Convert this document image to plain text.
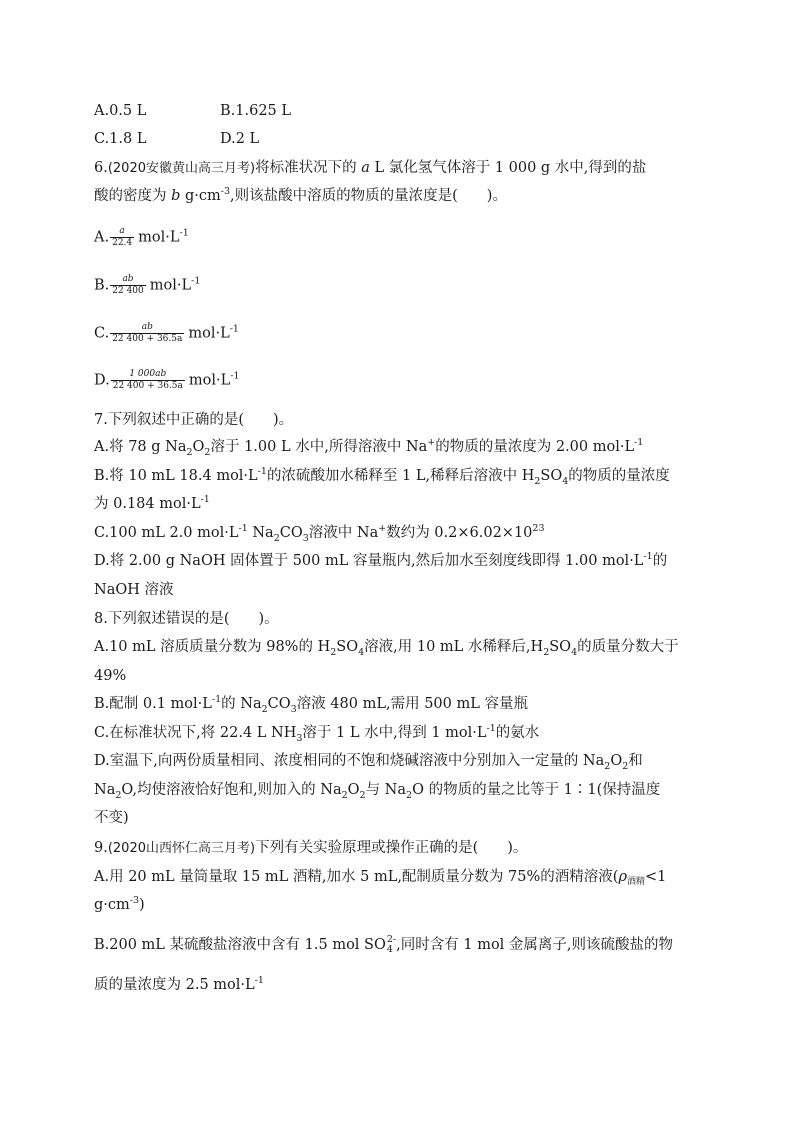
A.0.5 L	B.1.625 L
C.1.8 L	D.2 L
6.(2020安徽黄山高三月考)将标准状况下的 a L 氯化氢气体溶于 1 000 g 水中,得到的盐
酸的密度为 b $g\cdot cm^{-3}$,则该盐酸中溶质的物质的量浓度是(　　)。
A. $\frac{a}{22.4} mol\cdot L^{-1}$
B. $\frac{ab}{22 400} mol\cdot L^{-1}$
C. $\frac{ab}{22 400 + 36.5a} mol\cdot L^{-1}$
D. $\frac{1 000ab}{22 400 + 36.5a} mol\cdot L^{-1}$
7.下列叙述中正确的是(　　)。
A.将 78 g $Na_2O_2$溶于 1.00 L 水中,所得溶液中 Na+的物质的量浓度为 2.00 $mol\cdot L^{-1}$
B.将 10 mL 18.4 $mol\cdot L^{-1}$的浓硫酸加水稀释至 1 L,稀释后溶液中 $H_2SO_4$的物质的量浓度
为 0.184 $mol\cdot L^{-1}$
C.100 mL 2.0 $mol\cdot L^{-1}$ $Na_2CO_3$溶液中 Na+数约为 $0.2\times 6.02\times 10^{23}$
D.将 2.00 g NaOH 固体置于 500 mL 容量瓶内,然后加水至刻度线即得 1.00 $mol\cdot L^{-1}$的
NaOH 溶液
8.下列叙述错误的是(　　)。
A.10 mL 溶质质量分数为 98%的 $H_2SO_4$溶液,用 10 mL 水稀释后$,H_2SO_4$的质量分数大于
49%
B.配制 0.1 $mol\cdot L^{-1}$的 $Na_2CO_3$溶液 480 mL,需用 500 mL 容量瓶
C.在标准状况下,将 22.4 L $NH_3$溶于 1 L 水中,得到 1 $mol\cdot L^{-1}$的氨水
D.室温下,向两份质量相同、浓度相同的不饱和烧碱溶液中分别加入一定量的 $Na_2O_2$和
$Na_2O$,均使溶液恰好饱和,则加入的 $Na_2O_2$与 $Na_2O$ 的物质的量之比等于 1∶1(保持温度
不变)
9.(2020山西怀仁高三月考)下列有关实验原理或操作正确的是(　　)。
A.用 20 mL 量筒量取 15 mL 酒精,加水 5 mL,配制质量分数为 75%的酒精溶液($\rho_{酒精}<1$
$g\cdot cm^{-3}$)
B.200 mL 某硫酸盐溶液中含有 1.5 mol SO 2-
4 ,同时含有 1 mol 金属离子,则该硫酸盐的物
质的量浓度为 2.5 $mol\cdot L^{-1}$
